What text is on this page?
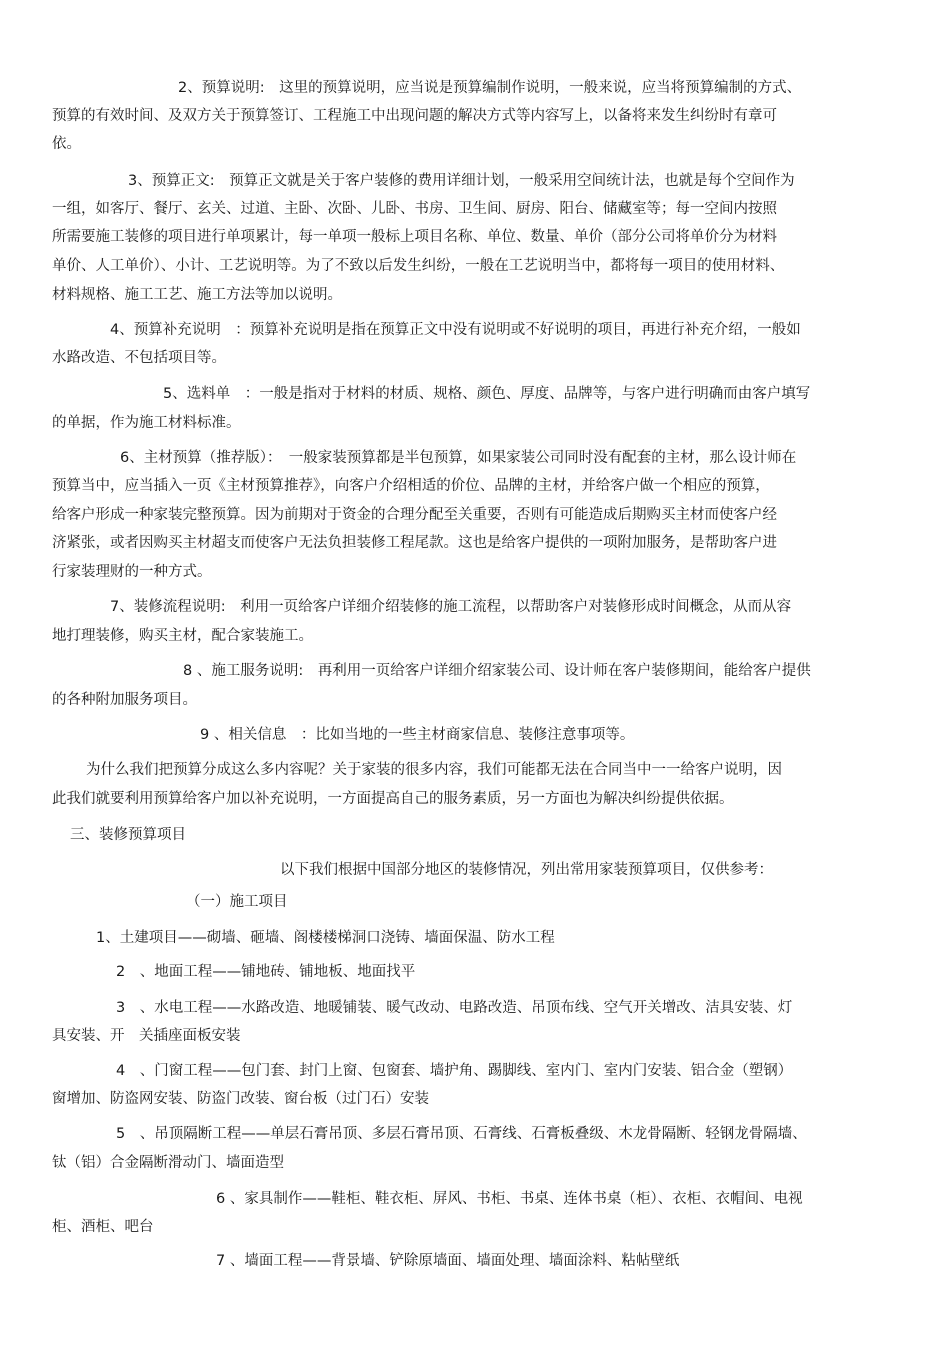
2、预算说明:　这里的预算说明，应当说是预算编制作说明，一般来说，应当将预算编制的方式、
预算的有效时间、及双方关于预算签订、工程施工中出现问题的解决方式等内容写上，以备将来发生纠纷时有章可
依。
3、预算正文:　预算正文就是关于客户装修的费用详细计划，一般采用空间统计法，也就是每个空间作为
一组，如客厅、餐厅、玄关、过道、主卧、次卧、儿卧、书房、卫生间、厨房、阳台、储藏室等；每一空间内按照
所需要施工装修的项目进行单项累计，每一单项一般标上项目名称、单位、数量、单价（部分公司将单价分为材料
单价、人工单价）、小计、工艺说明等。为了不致以后发生纠纷，一般在工艺说明当中，都将每一项目的使用材料、
材料规格、施工工艺、施工方法等加以说明。
4、预算补充说明　：预算补充说明是指在预算正文中没有说明或不好说明的项目，再进行补充介绍，一般如
水路改造、不包括项目等。
5、选料单　：一般是指对于材料的材质、规格、颜色、厚度、品牌等，与客户进行明确而由客户填写
的单据，作为施工材料标准。
6、主材预算（推荐版）：　一般家装预算都是半包预算，如果家装公司同时没有配套的主材，那么设计师在
预算当中，应当插入一页《主材预算推荐》，向客户介绍相适的价位、品牌的主材，并给客户做一个相应的预算，
给客户形成一种家装完整预算。因为前期对于资金的合理分配至关重要，否则有可能造成后期购买主材而使客户经
济紧张，或者因购买主材超支而使客户无法负担装修工程尾款。这也是给客户提供的一项附加服务，是帮助客户进
行家装理财的一种方式。
7、装修流程说明:　利用一页给客户详细介绍装修的施工流程，以帮助客户对装修形成时间概念，从而从容
地打理装修，购买主材，配合家装施工。
8 、施工服务说明:　再利用一页给客户详细介绍家装公司、设计师在客户装修期间，能给客户提供
的各种附加服务项目。
9 、相关信息　：比如当地的一些主材商家信息、装修注意事项等。
为什么我们把预算分成这么多内容呢？关于家装的很多内容，我们可能都无法在合同当中一一给客户说明，因
此我们就要利用预算给客户加以补充说明，一方面提高自己的服务素质，另一方面也为解决纠纷提供依据。
三、装修预算项目
以下我们根据中国部分地区的装修情况，列出常用家装预算项目，仅供参考：
（一）施工项目
1、土建项目——砌墙、砸墙、阁楼楼梯洞口浇铸、墙面保温、防水工程
2　、地面工程——铺地砖、铺地板、地面找平
3　、水电工程——水路改造、地暖铺装、暖气改动、电路改造、吊顶布线、空气开关增改、洁具安装、灯
具安装、开　关插座面板安装
4　、门窗工程——包门套、封门上窗、包窗套、墙护角、踢脚线、室内门、室内门安装、铝合金（塑钢）
窗增加、防盗网安装、防盗门改装、窗台板（过门石）安装
5　、吊顶隔断工程——单层石膏吊顶、多层石膏吊顶、石膏线、石膏板叠级、木龙骨隔断、轻钢龙骨隔墙、
钛（铝）合金隔断滑动门、墙面造型
6 、家具制作——鞋柜、鞋衣柜、屏风、书柜、书桌、连体书桌（柜）、衣柜、衣帽间、电视
柜、酒柜、吧台
7 、墙面工程——背景墙、铲除原墙面、墙面处理、墙面涂料、粘帖壁纸
